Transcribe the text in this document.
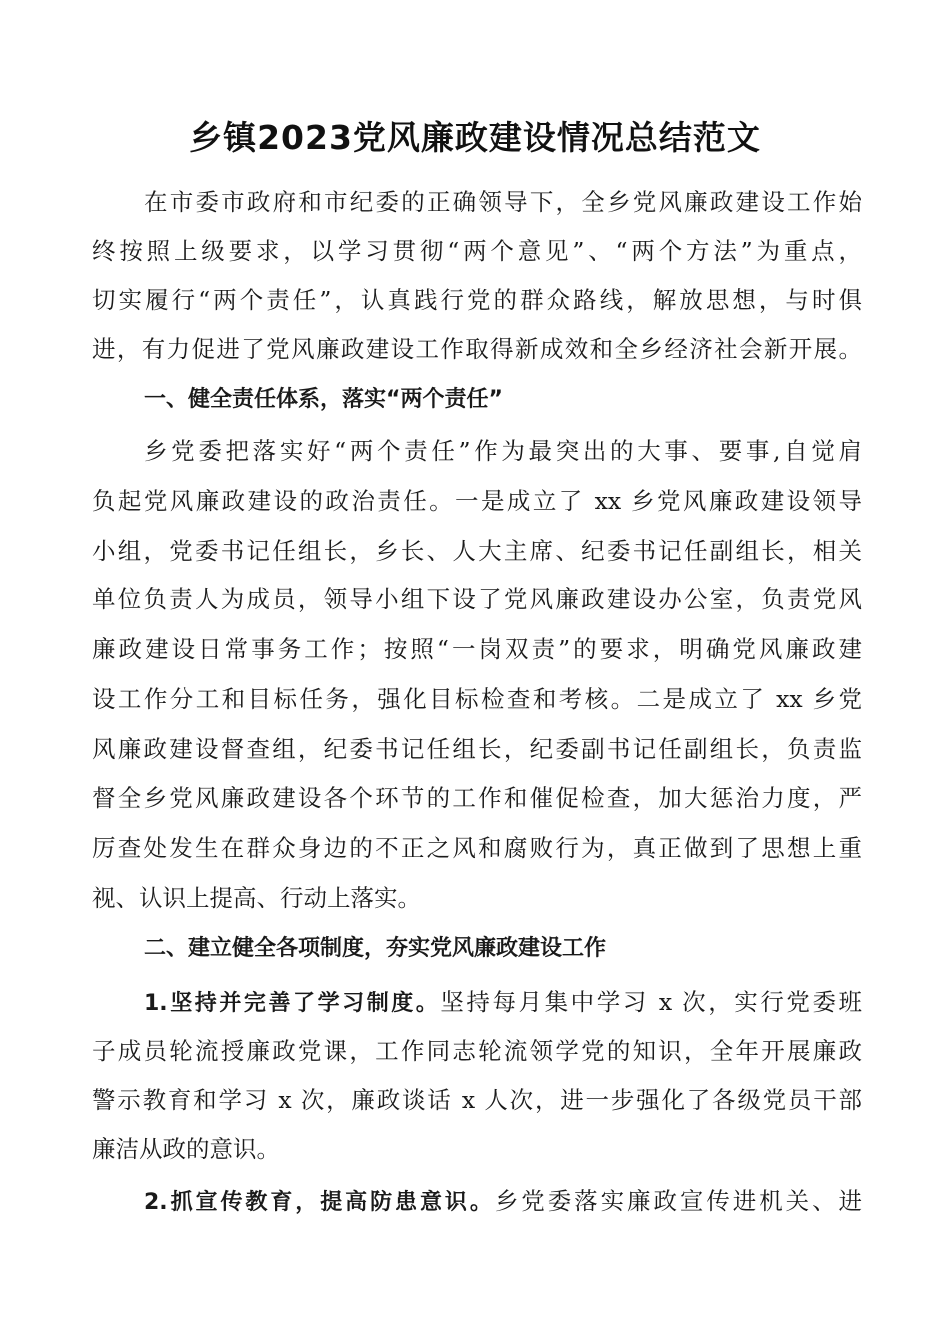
乡镇2023党风廉政建设情况总结范文
在市委市政府和市纪委的正确领导下，全乡党风廉政建设工作始
终按照上级要求，以学习贯彻“两个意见”、“两个方法”为重点，
切实履行“两个责任”，认真践行党的群众路线，解放思想，与时俱
进，有力促进了党风廉政建设工作取得新成效和全乡经济社会新开展。
一、健全责任体系，落实“两个责任”
乡党委把落实好“两个责任”作为最突出的大事、要事,自觉肩
负起党风廉政建设的政治责任。一是成立了 xx 乡党风廉政建设领导
小组，党委书记任组长，乡长、人大主席、纪委书记任副组长，相关
单位负责人为成员，领导小组下设了党风廉政建设办公室，负责党风
廉政建设日常事务工作；按照“一岗双责”的要求，明确党风廉政建
设工作分工和目标任务，强化目标检查和考核。二是成立了 xx 乡党
风廉政建设督查组，纪委书记任组长，纪委副书记任副组长，负责监
督全乡党风廉政建设各个环节的工作和催促检查，加大惩治力度，严
厉查处发生在群众身边的不正之风和腐败行为，真正做到了思想上重
视、认识上提高、行动上落实。
二、建立健全各项制度，夯实党风廉政建设工作
1.坚持并完善了学习制度。坚持每月集中学习 x 次，实行党委班
子成员轮流授廉政党课，工作同志轮流领学党的知识，全年开展廉政
警示教育和学习 x 次，廉政谈话 x 人次，进一步强化了各级党员干部
廉洁从政的意识。
2.抓宣传教育，提高防患意识。乡党委落实廉政宣传进机关、进
